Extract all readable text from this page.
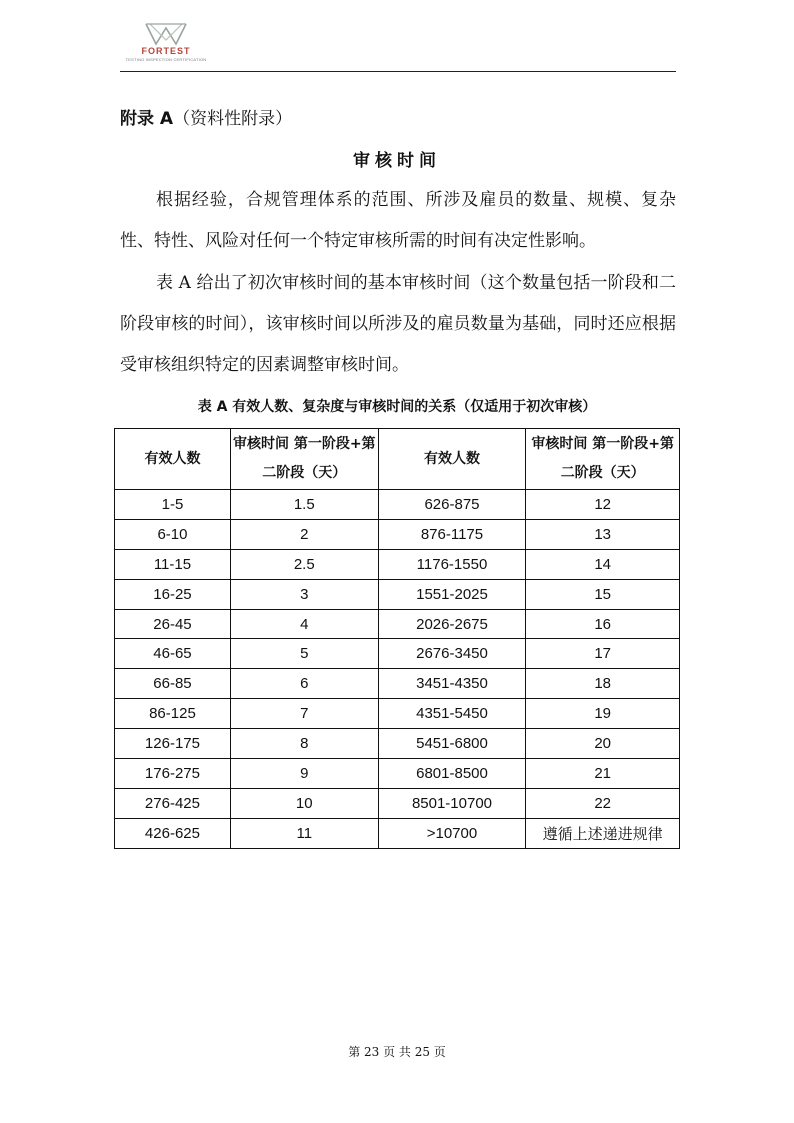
FORTEST
TESTING INSPECTION CERTIFICATION
附录 A（资料性附录）
审核时间
根据经验，合规管理体系的范围、所涉及雇员的数量、规模、复杂性、特性、风险对任何一个特定审核所需的时间有决定性影响。
表 A 给出了初次审核时间的基本审核时间（这个数量包括一阶段和二阶段审核的时间），该审核时间以所涉及的雇员数量为基础，同时还应根据受审核组织特定的因素调整审核时间。
表 A 有效人数、复杂度与审核时间的关系（仅适用于初次审核）
有效人数	审核时间 第一阶段+第二阶段（天）	有效人数	审核时间 第一阶段+第二阶段（天）
1-5	1.5	626-875	12
6-10	2	876-1175	13
11-15	2.5	1176-1550	14
16-25	3	1551-2025	15
26-45	4	2026-2675	16
46-65	5	2676-3450	17
66-85	6	3451-4350	18
86-125	7	4351-5450	19
126-175	8	5451-6800	20
176-275	9	6801-8500	21
276-425	10	8501-10700	22
426-625	11	>10700	遵循上述递进规律
第 23 页 共 25 页
